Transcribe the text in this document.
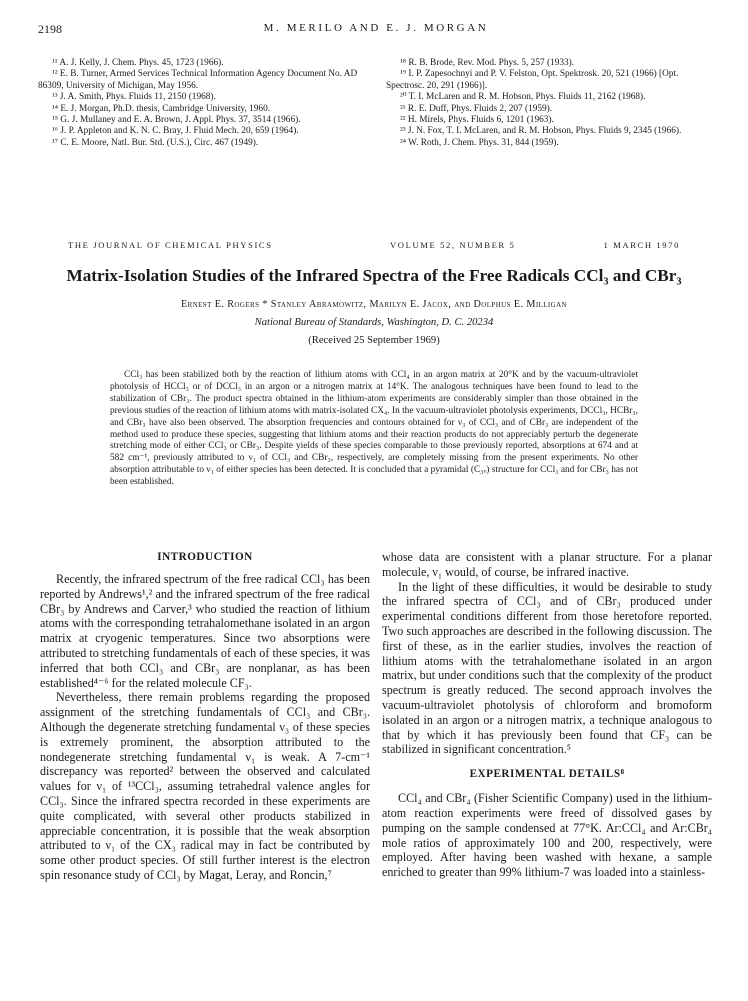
2198	M. MERILO AND E. J. MORGAN

¹¹ A. J. Kelly, J. Chem. Phys. 45, 1723 (1966).

¹² E. B. Turner, Armed Services Technical Information Agency Document No. AD 86309, University of Michigan, May 1956.

¹³ J. A. Smith, Phys. Fluids 11, 2150 (1968).

¹⁴ E. J. Morgan, Ph.D. thesis, Cambridge University, 1960.

¹⁵ G. J. Mullaney and E. A. Brown, J. Appl. Phys. 37, 3514 (1966).

¹⁶ J. P. Appleton and K. N. C. Bray, J. Fluid Mech. 20, 659 (1964).

¹⁷ C. E. Moore, Natl. Bur. Std. (U.S.), Circ. 467 (1949).

¹⁸ R. B. Brode, Rev. Mod. Phys. 5, 257 (1933).

¹⁹ I. P. Zapesochnyi and P. V. Felston, Opt. Spektrosk. 20, 521 (1966) [Opt. Spectrosc. 20, 291 (1966)].

²⁰ T. I. McLaren and R. M. Hobson, Phys. Fluids 11, 2162 (1968).

²¹ R. E. Duff, Phys. Fluids 2, 207 (1959).

²² H. Mirels, Phys. Fluids 6, 1201 (1963).

²³ J. N. Fox, T. I. McLaren, and R. M. Hobson, Phys. Fluids 9, 2345 (1966).

²⁴ W. Roth, J. Chem. Phys. 31, 844 (1959).

THE JOURNAL OF CHEMICAL PHYSICS	VOLUME 52, NUMBER 5	1 MARCH 1970
Matrix-Isolation Studies of the Infrared Spectra of the Free Radicals CCl₃ and CBr₃
Ernest E. Rogers * Stanley Abramowitz, Marilyn E. Jacox, and Dolphus E. Milligan
National Bureau of Standards, Washington, D. C. 20234
(Received 25 September 1969)

CCl₃ has been stabilized both by the reaction of lithium atoms with CCl₄ in an argon matrix at 20°K and by the vacuum-ultraviolet photolysis of HCCl₃ or of DCCl₃ in an argon or a nitrogen matrix at 14°K. The analogous techniques have been found to lead to the stabilization of CBr₃. The product spectra obtained in the lithium-atom experiments are considerably simpler than those obtained in the previous studies of the reaction of lithium atoms with matrix-isolated CX₄. In the vacuum-ultraviolet photolysis experiments, DCCl₃, HCBr₃, and CBr₃ have also been observed. The absorption frequencies and contours obtained for ν₃ of CCl₃ and of CBr₃ are independent of the method used to produce these species, suggesting that lithium atoms and their reaction products do not appreciably perturb the degenerate stretching mode of either CCl₃ or CBr₃. Despite yields of these species comparable to those previously reported, absorptions at 674 and at 582 cm⁻¹, previously attributed to ν₁ of CCl₃ and CBr₃, respectively, are completely missing from the present experiments. No other absorption attributable to ν₁ of either species has been detected. It is concluded that a pyramidal (C₃ᵥ) structure for CCl₃ and for CBr₃ has not been established.

INTRODUCTION

Recently, the infrared spectrum of the free radical CCl₃ has been reported by Andrews¹,² and the infrared spectrum of the free radical CBr₃ by Andrews and Carver,³ who studied the reaction of lithium atoms with the corresponding tetrahalomethane isolated in an argon matrix at cryogenic temperatures. Since two absorptions were attributed to stretching fundamentals of each of these species, it was inferred that both CCl₃ and CBr₃ are nonplanar, as has been established⁴⁻⁶ for the related molecule CF₃.

Nevertheless, there remain problems regarding the proposed assignment of the stretching fundamentals of CCl₃ and CBr₃. Although the degenerate stretching fundamental ν₃ of these species is extremely prominent, the absorption attributed to the nondegenerate stretching fundamental ν₁ is weak. A 7-cm⁻¹ discrepancy was reported² between the observed and calculated values for ν₁ of ¹³CCl₃, assuming tetrahedral valence angles for CCl₃. Since the infrared spectra recorded in these experiments are quite complicated, with several other products stabilized in appreciable concentration, it is possible that the weak absorption attributed to ν₁ of the CX₃ radical may in fact be contributed by some other product species. Of still further interest is the electron spin resonance study of CCl₃ by Magat, Leray, and Roncin,⁷

whose data are consistent with a planar structure. For a planar molecule, ν₁ would, of course, be infrared inactive.

In the light of these difficulties, it would be desirable to study the infrared spectra of CCl₃ and of CBr₃ produced under experimental conditions different from those heretofore reported. Two such approaches are described in the following discussion. The first of these, as in the earlier studies, involves the reaction of lithium atoms with the tetrahalomethane isolated in an argon matrix, but under conditions such that the complexity of the product spectrum is greatly reduced. The second approach involves the vacuum-ultraviolet photolysis of chloroform and bromoform isolated in an argon or a nitrogen matrix, a technique analogous to that by which it has previously been found that CF₃ can be stabilized in significant concentration.⁵

EXPERIMENTAL DETAILS⁸

CCl₄ and CBr₄ (Fisher Scientific Company) used in the lithium-atom reaction experiments were freed of dissolved gases by pumping on the sample condensed at 77°K. Ar:CCl₄ and Ar:CBr₄ mole ratios of approximately 100 and 200, respectively, were employed. After having been washed with hexane, a sample enriched to greater than 99% lithium-7 was loaded into a stainless-
